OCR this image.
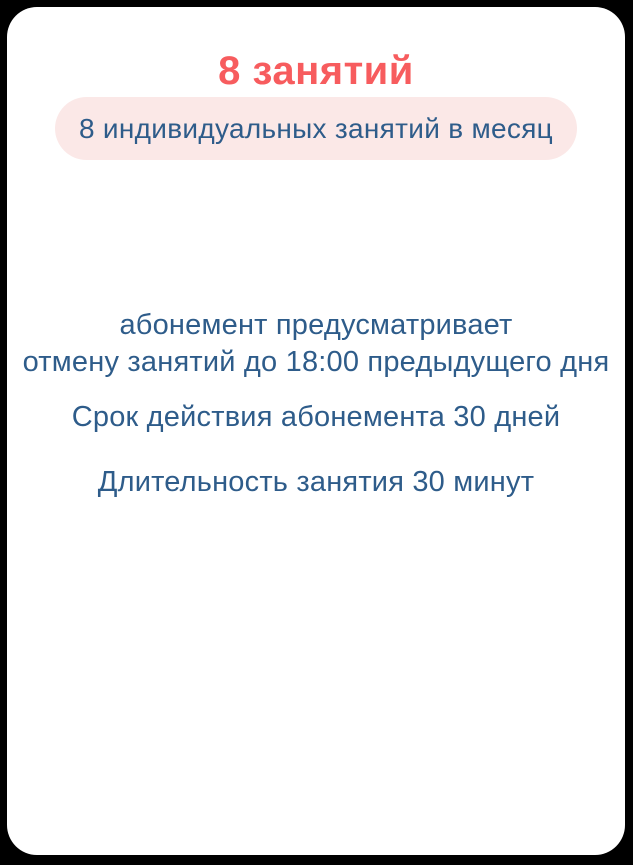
8 занятий
8 индивидуальных занятий в месяц

абонемент предусматривает
отмену занятий до 18:00 предыдущего дня

Срок действия абонемента 30 дней

Длительность занятия 30 минут
